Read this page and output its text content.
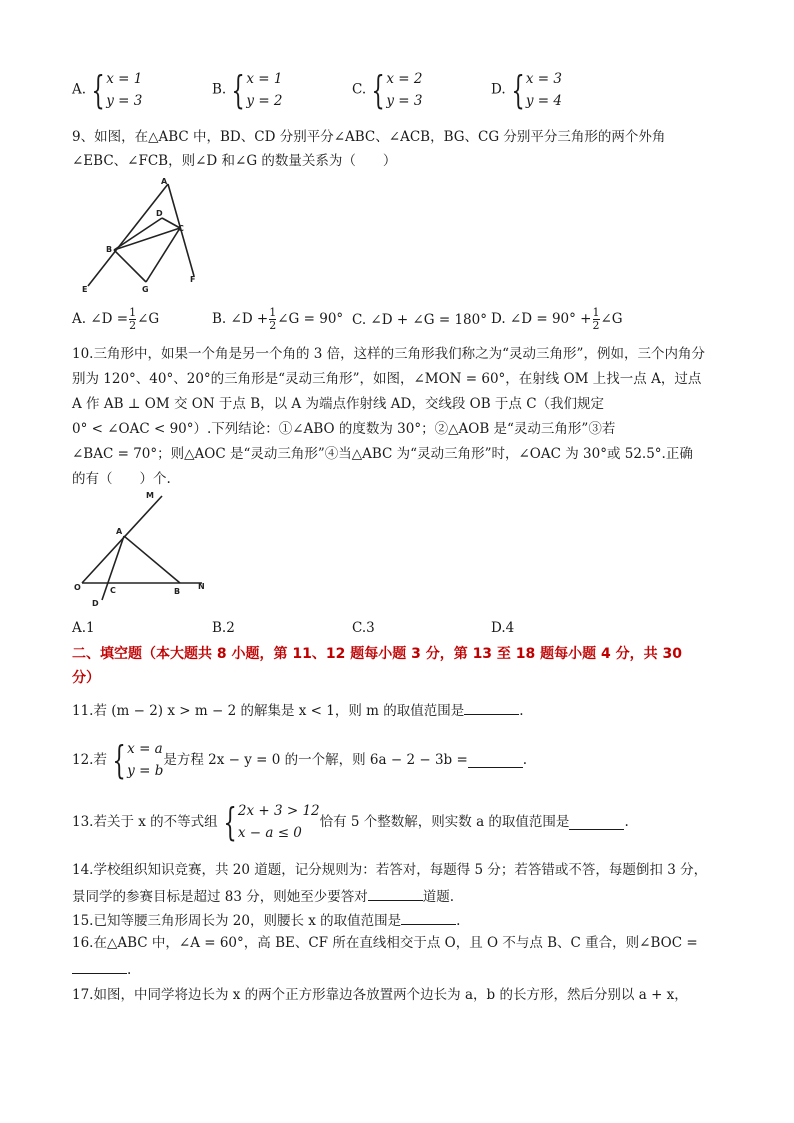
A. { x = 1
y = 3
B. { x = 1
y = 2
C. { x = 2
y = 3
D. { x = 3
y = 4
9、如图，在△ABC 中，BD、CD 分别平分∠ABC、∠ACB，BG、CG 分别平分三角形的两个外角
∠EBC、∠FCB，则∠D 和∠G 的数量关系为（　　）
A
D
C
B
G
E
F
A. ∠D = $\frac{1}{2}$ ∠G	B. ∠D + $\frac{1}{2}$ ∠G = 90° C. ∠D + ∠G = 180° D. ∠D = $90^\circ + \frac{1}{2}$ ∠G
10.三角形中，如果一个角是另一个角的 3 倍，这样的三角形我们称之为“灵动三角形”，例如，三个内角分
别为 120°、40°、20°的三角形是“灵动三角形”，如图，∠MON = 60°，在射线 OM 上找一点 A，过点
A 作 AB ⊥ OM 交 ON 于点 B，以 A 为端点作射线 AD，交线段 OB 于点 C（我们规定
0° < ∠OAC < 90°）.下列结论：①∠ABO 的度数为 30°；②△AOB 是“灵动三角形”③若
∠BAC = 70°；则△AOC 是“灵动三角形”④当△ABC 为“灵动三角形”时，∠OAC 为 30°或 52.5°.正确
的有（　　）个.
M
A
O	C	B
N
D
A.1	B.2	C.3	D.4
二、填空题（本大题共 8 小题，第 11、12 题每小题 3 分，第 13 至 18 题每小题 4 分，共 30
分）
11.若 (m − 2) x > m − 2 的解集是 x < 1，则 m 的取值范围是	.
12.若 { x = a
y = b
是方程 2x − y = 0 的一个解，则 6a − 2 − 3b =	.
13.若关于 x 的不等式组 { 2x + 3 > 12
x − a ≤ 0
恰有 5 个整数解，则实数 a 的取值范围是	.
14.学校组织知识竞赛，共 20 道题，记分规则为：若答对，每题得 5 分；若答错或不答，每题倒扣 3 分，
景同学的参赛目标是超过 83 分，则她至少要答对	道题.
15.已知等腰三角形周长为 20，则腰长 x 的取值范围是	.
16.在△ABC 中，∠A = 60°，高 BE、CF 所在直线相交于点 O，且 O 不与点 B、C 重合，则∠BOC =
.
17.如图，中同学将边长为 x 的两个正方形靠边各放置两个边长为 a，b 的长方形，然后分别以 a + x，
